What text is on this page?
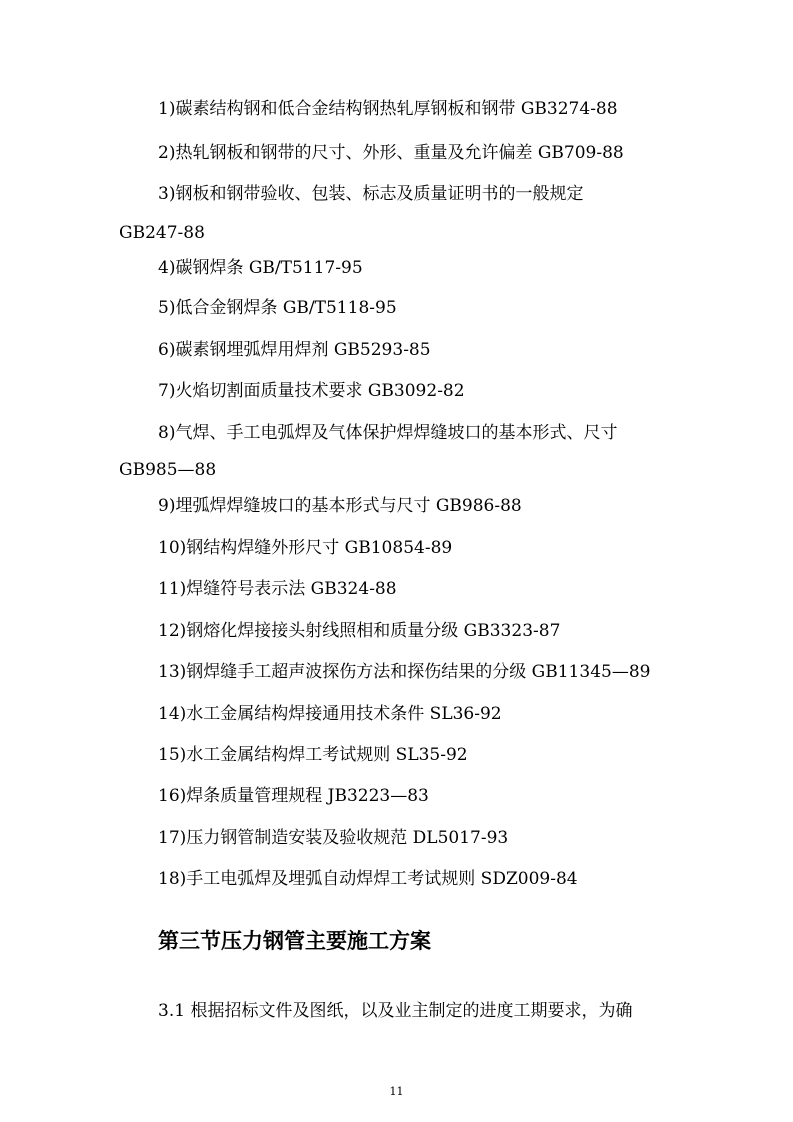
1)碳素结构钢和低合金结构钢热轧厚钢板和钢带 GB3274-88
2)热轧钢板和钢带的尺寸、外形、重量及允许偏差 GB709-88
3)钢板和钢带验收、包装、标志及质量证明书的一般规定
GB247-88
4)碳钢焊条 GB/T5117-95
5)低合金钢焊条 GB/T5118-95
6)碳素钢埋弧焊用焊剂 GB5293-85
7)火焰切割面质量技术要求 GB3092-82
8)气焊、手工电弧焊及气体保护焊焊缝坡口的基本形式、尺寸
GB985—88
9)埋弧焊焊缝坡口的基本形式与尺寸 GB986-88
10)钢结构焊缝外形尺寸 GB10854-89
11)焊缝符号表示法 GB324-88
12)钢熔化焊接接头射线照相和质量分级 GB3323-87
13)钢焊缝手工超声波探伤方法和探伤结果的分级 GB11345—89
14)水工金属结构焊接通用技术条件 SL36-92
15)水工金属结构焊工考试规则 SL35-92
16)焊条质量管理规程 JB3223—83
17)压力钢管制造安装及验收规范 DL5017-93
18)手工电弧焊及埋弧自动焊焊工考试规则 SDZ009-84
第三节压力钢管主要施工方案
3.1 根据招标文件及图纸，以及业主制定的进度工期要求，为确
11
